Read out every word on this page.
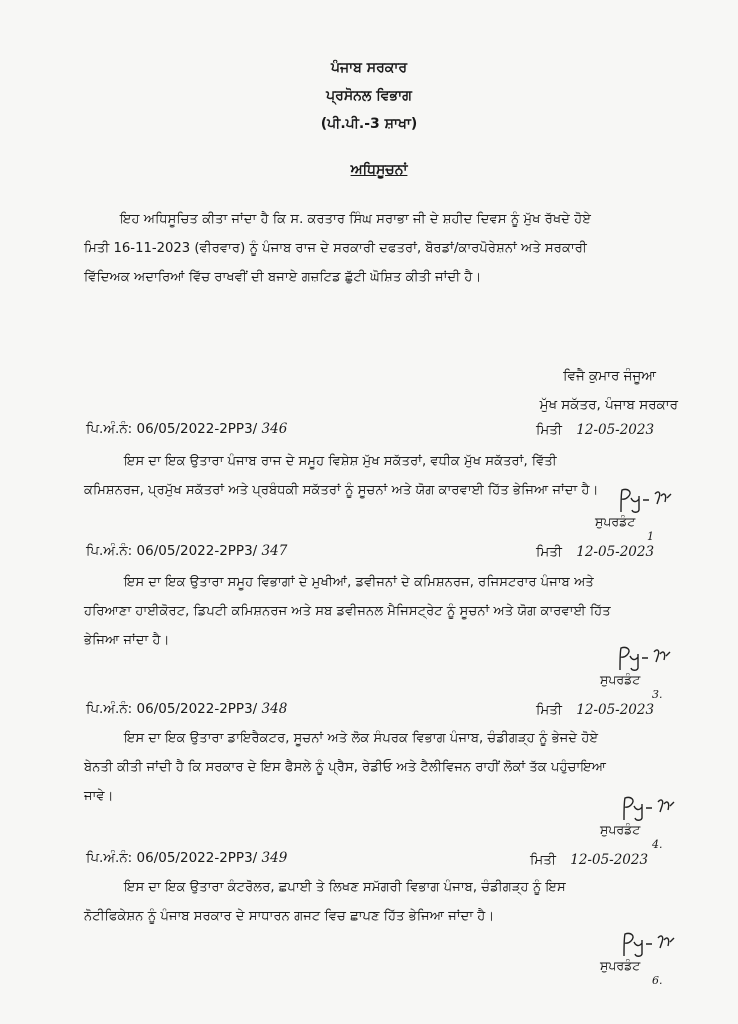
ਪੰਜਾਬ ਸਰਕਾਰ
ਪ੍ਰਸੋਨਲ ਵਿਭਾਗ
(ਪੀ.ਪੀ.-3 ਸ਼ਾਖਾ)
ਅਧਿਸੂਚਨਾਂ
ਇਹ ਅਧਿਸੂਚਿਤ ਕੀਤਾ ਜਾਂਦਾ ਹੈ ਕਿ ਸ. ਕਰਤਾਰ ਸਿੰਘ ਸਰਾਭਾ ਜੀ ਦੇ ਸ਼ਹੀਦ ਦਿਵਸ ਨੂੰ ਮੁੱਖ ਰੱਖਦੇ ਹੋਏ
ਮਿਤੀ 16-11-2023 (ਵੀਰਵਾਰ) ਨੂੰ ਪੰਜਾਬ ਰਾਜ ਦੇ ਸਰਕਾਰੀ ਦਫਤਰਾਂ, ਬੋਰਡਾਂ/ਕਾਰਪੋਰੇਸ਼ਨਾਂ ਅਤੇ ਸਰਕਾਰੀ
ਵਿੱਦਿਅਕ ਅਦਾਰਿਆਂ ਵਿੱਚ ਰਾਖਵੀਂ ਦੀ ਬਜਾਏ ਗਜ਼ਟਿਡ ਛੁੱਟੀ ਘੋਸ਼ਿਤ ਕੀਤੀ ਜਾਂਦੀ ਹੈ।
ਵਿਜੈ ਕੁਮਾਰ ਜੰਜੂਆ
ਮੁੱਖ ਸਕੱਤਰ, ਪੰਜਾਬ ਸਰਕਾਰ
ਪਿ.ਅੰ.ਨੰ: 06/05/2022-2PP3/ 346	ਮਿਤੀ 12-05-2023
ਇਸ ਦਾ ਇਕ ਉਤਾਰਾ ਪੰਜਾਬ ਰਾਜ ਦੇ ਸਮੂਹ ਵਿਸ਼ੇਸ਼ ਮੁੱਖ ਸਕੱਤਰਾਂ, ਵਧੀਕ ਮੁੱਖ ਸਕੱਤਰਾਂ, ਵਿੱਤੀ
ਕਮਿਸ਼ਨਰਜ, ਪ੍ਰਮੁੱਖ ਸਕੱਤਰਾਂ ਅਤੇ ਪ੍ਰਬੰਧਕੀ ਸਕੱਤਰਾਂ ਨੂੰ ਸੂਚਨਾਂ ਅਤੇ ਯੋਗ ਕਾਰਵਾਈ ਹਿੱਤ ਭੇਜਿਆ ਜਾਂਦਾ ਹੈ।
ਸੁਪਰਡੰਟ
1
ਪਿ.ਅੰ.ਨੰ: 06/05/2022-2PP3/ 347	ਮਿਤੀ 12-05-2023
ਇਸ ਦਾ ਇਕ ਉਤਾਰਾ ਸਮੂਹ ਵਿਭਾਗਾਂ ਦੇ ਮੁਖੀਆਂ, ਡਵੀਜਨਾਂ ਦੇ ਕਮਿਸ਼ਨਰਜ, ਰਜਿਸਟਰਾਰ ਪੰਜਾਬ ਅਤੇ
ਹਰਿਆਣਾ ਹਾਈਕੋਰਟ, ਡਿਪਟੀ ਕਮਿਸ਼ਨਰਜ ਅਤੇ ਸਬ ਡਵੀਜਨਲ ਮੈਜਿਸਟ੍ਰੇਟ ਨੂੰ ਸੂਚਨਾਂ ਅਤੇ ਯੋਗ ਕਾਰਵਾਈ ਹਿੱਤ
ਭੇਜਿਆ ਜਾਂਦਾ ਹੈ।
ਸੁਪਰਡੰਟ
3.
ਪਿ.ਅੰ.ਨੰ: 06/05/2022-2PP3/ 348	ਮਿਤੀ 12-05-2023
ਇਸ ਦਾ ਇਕ ਉਤਾਰਾ ਡਾਇਰੈਕਟਰ, ਸੂਚਨਾਂ ਅਤੇ ਲੋਕ ਸੰਪਰਕ ਵਿਭਾਗ ਪੰਜਾਬ, ਚੰਡੀਗੜ੍ਹ ਨੂੰ ਭੇਜਦੇ ਹੋਏ
ਬੇਨਤੀ ਕੀਤੀ ਜਾਂਦੀ ਹੈ ਕਿ ਸਰਕਾਰ ਦੇ ਇਸ ਫੈਸਲੇ ਨੂੰ ਪ੍ਰੈਸ, ਰੇਡੀਓ ਅਤੇ ਟੈਲੀਵਿਜਨ ਰਾਹੀਂ ਲੋਕਾਂ ਤੱਕ ਪਹੁੰਚਾਇਆ
ਜਾਵੇ।
ਸੁਪਰਡੰਟ
4.
ਪਿ.ਅੰ.ਨੰ: 06/05/2022-2PP3/ 349	ਮਿਤੀ 12-05-2023
ਇਸ ਦਾ ਇਕ ਉਤਾਰਾ ਕੰਟਰੋਲਰ, ਛਪਾਈ ਤੇ ਲਿਖਣ ਸਮੱਗਰੀ ਵਿਭਾਗ ਪੰਜਾਬ, ਚੰਡੀਗੜ੍ਹ ਨੂੰ ਇਸ
ਨੋਟੀਫਿਕੇਸ਼ਨ ਨੂੰ ਪੰਜਾਬ ਸਰਕਾਰ ਦੇ ਸਾਧਾਰਨ ਗਜਟ ਵਿਚ ਛਾਪਣ ਹਿੱਤ ਭੇਜਿਆ ਜਾਂਦਾ ਹੈ।
ਸੁਪਰਡੰਟ
6.
